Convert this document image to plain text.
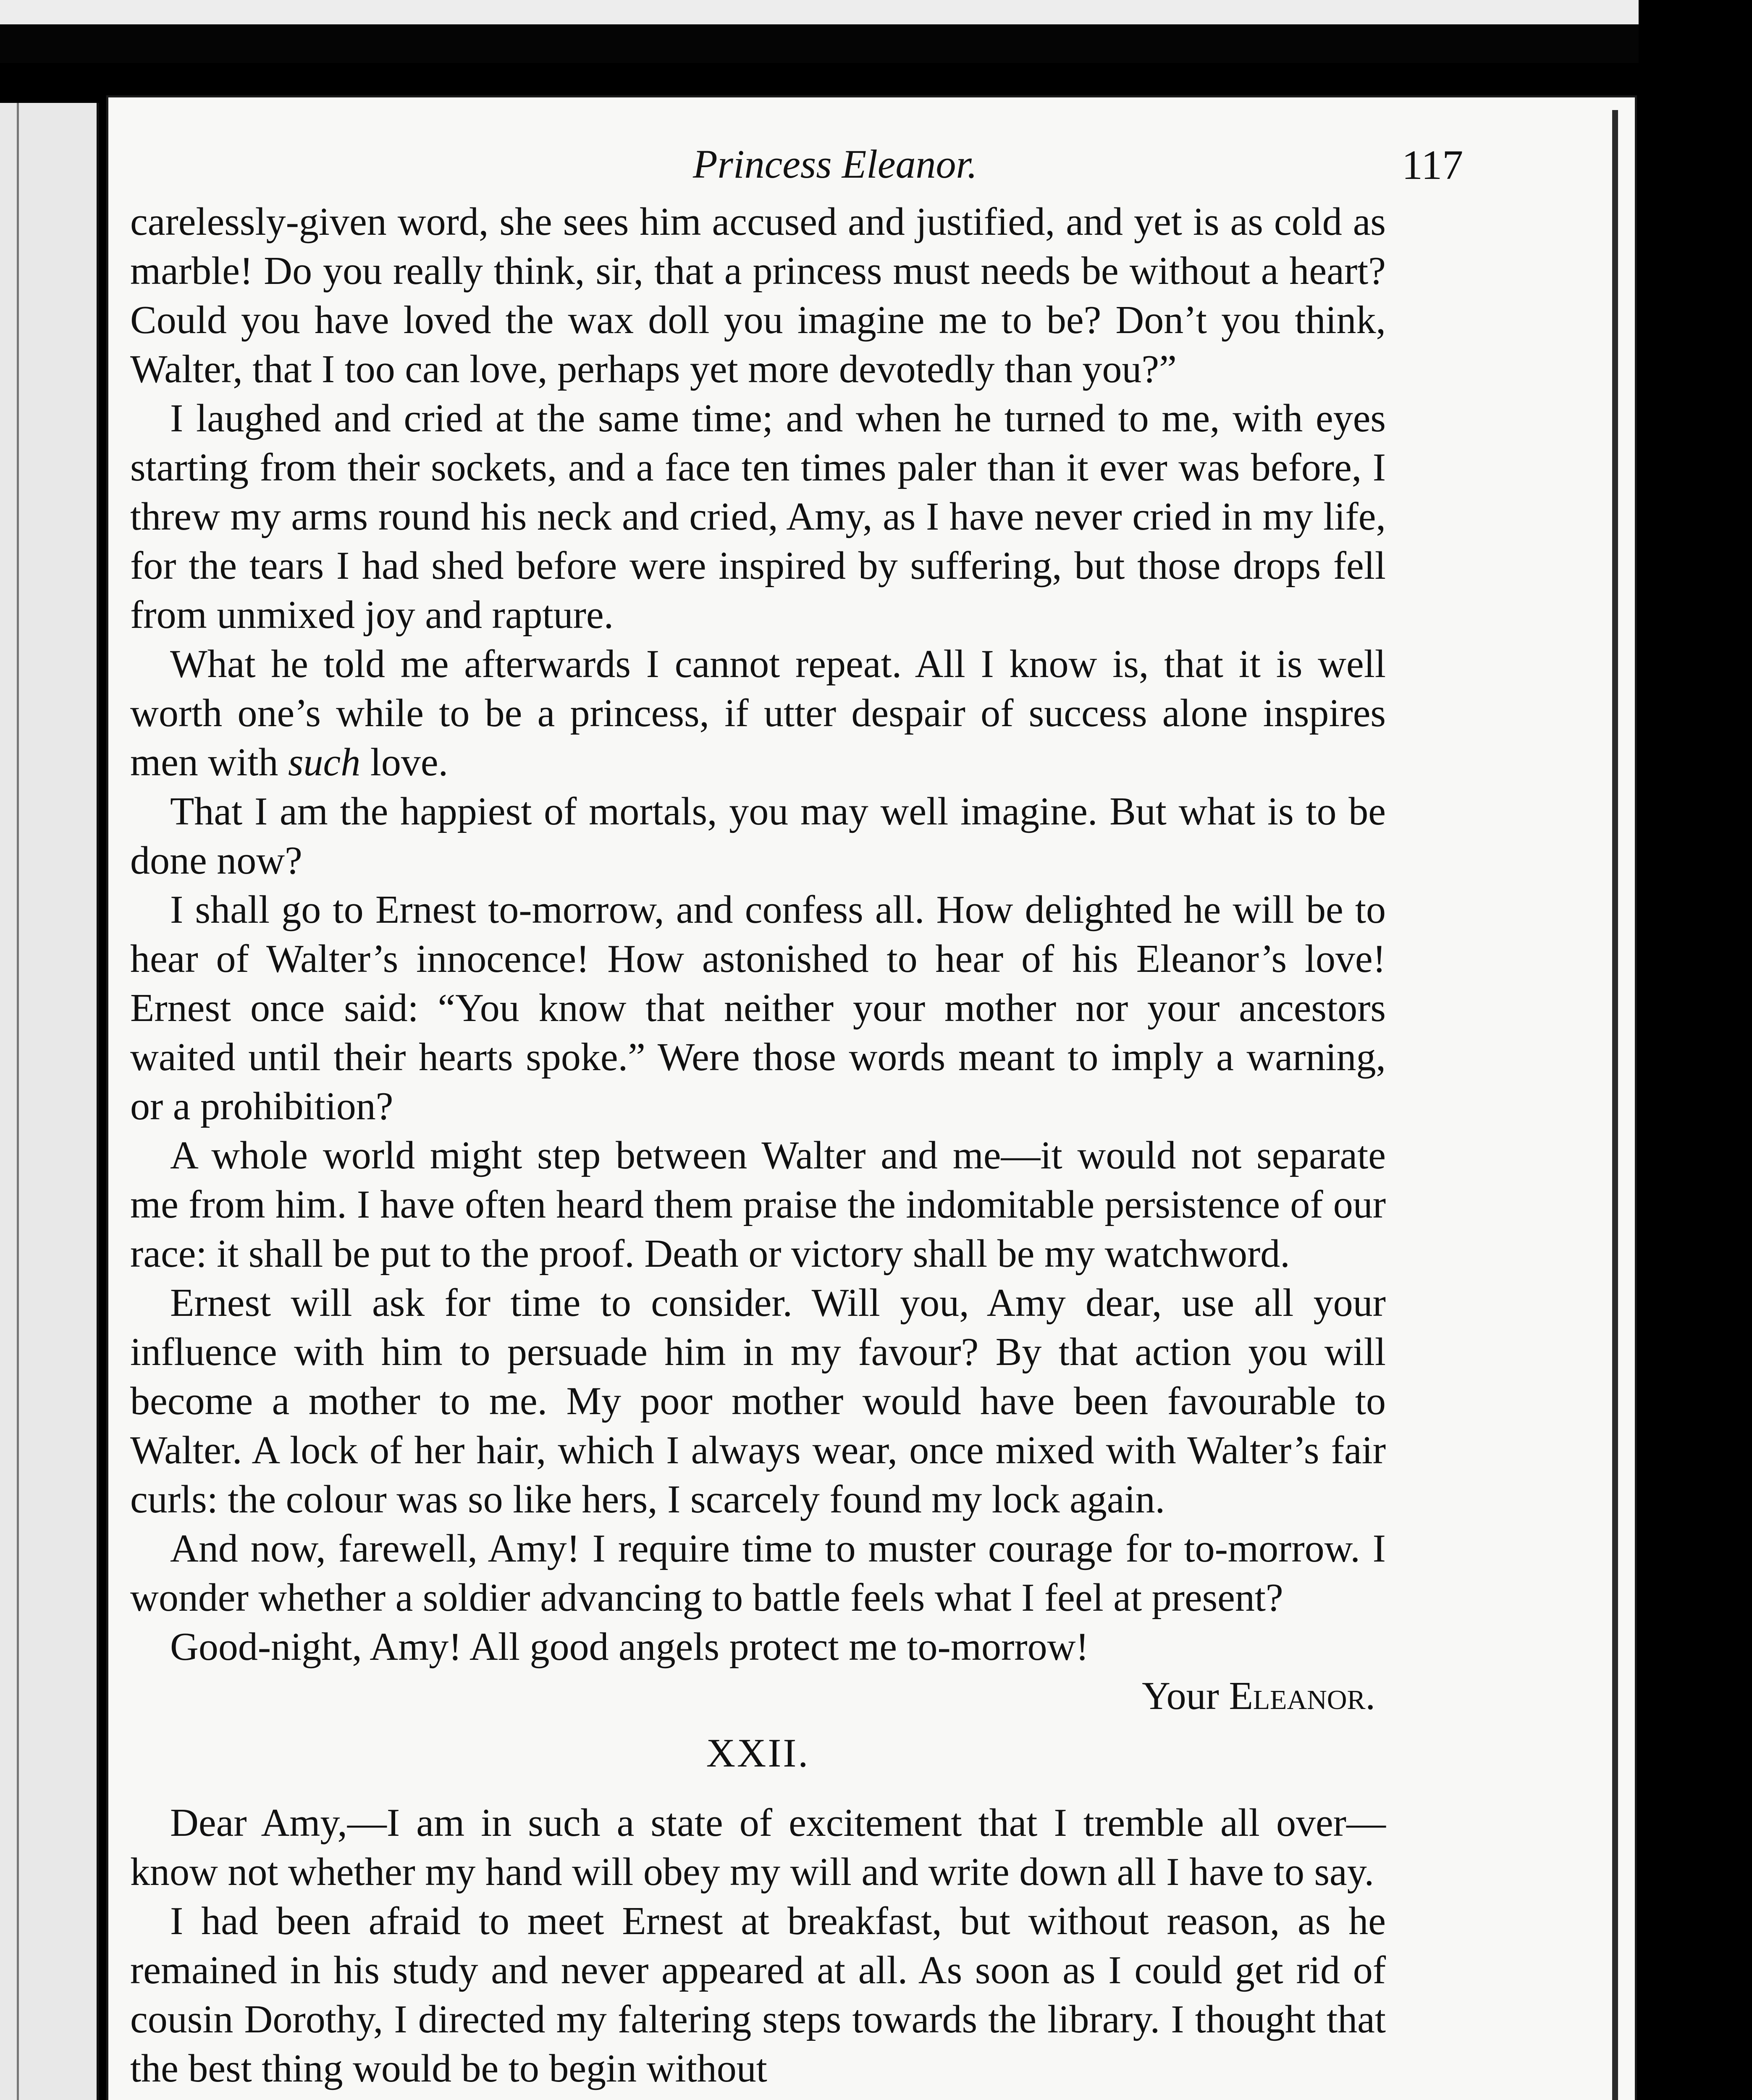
Princess Eleanor.	117

carelessly-given word, she sees him accused and justified, and yet is as cold as marble! Do you really think, sir, that a princess must needs be without a heart? Could you have loved the wax doll you imagine me to be? Don’t you think, Walter, that I too can love, perhaps yet more devotedly than you?”

I laughed and cried at the same time; and when he turned to me, with eyes starting from their sockets, and a face ten times paler than it ever was before, I threw my arms round his neck and cried, Amy, as I have never cried in my life, for the tears I had shed before were inspired by suffering, but those drops fell from unmixed joy and rapture.

What he told me afterwards I cannot repeat. All I know is, that it is well worth one’s while to be a princess, if utter despair of success alone inspires men with such love.

That I am the happiest of mortals, you may well imagine. But what is to be done now?

I shall go to Ernest to-morrow, and confess all. How delighted he will be to hear of Walter’s innocence! How astonished to hear of his Eleanor’s love! Ernest once said: “You know that neither your mother nor your ancestors waited until their hearts spoke.” Were those words meant to imply a warning, or a prohibition?

A whole world might step between Walter and me—it would not separate me from him. I have often heard them praise the indomitable persistence of our race: it shall be put to the proof. Death or victory shall be my watchword.

Ernest will ask for time to consider. Will you, Amy dear, use all your influence with him to persuade him in my favour? By that action you will become a mother to me. My poor mother would have been favourable to Walter. A lock of her hair, which I always wear, once mixed with Walter’s fair curls: the colour was so like hers, I scarcely found my lock again.

And now, farewell, Amy! I require time to muster courage for to-morrow. I wonder whether a soldier advancing to battle feels what I feel at present?

Good-night, Amy! All good angels protect me to-morrow!

Your Eleanor.
XXII.

Dear Amy,—I am in such a state of excitement that I tremble all over—know not whether my hand will obey my will and write down all I have to say.

I had been afraid to meet Ernest at breakfast, but without reason, as he remained in his study and never appeared at all. As soon as I could get rid of cousin Dorothy, I directed my faltering steps towards the library. I thought that the best thing would be to begin without
